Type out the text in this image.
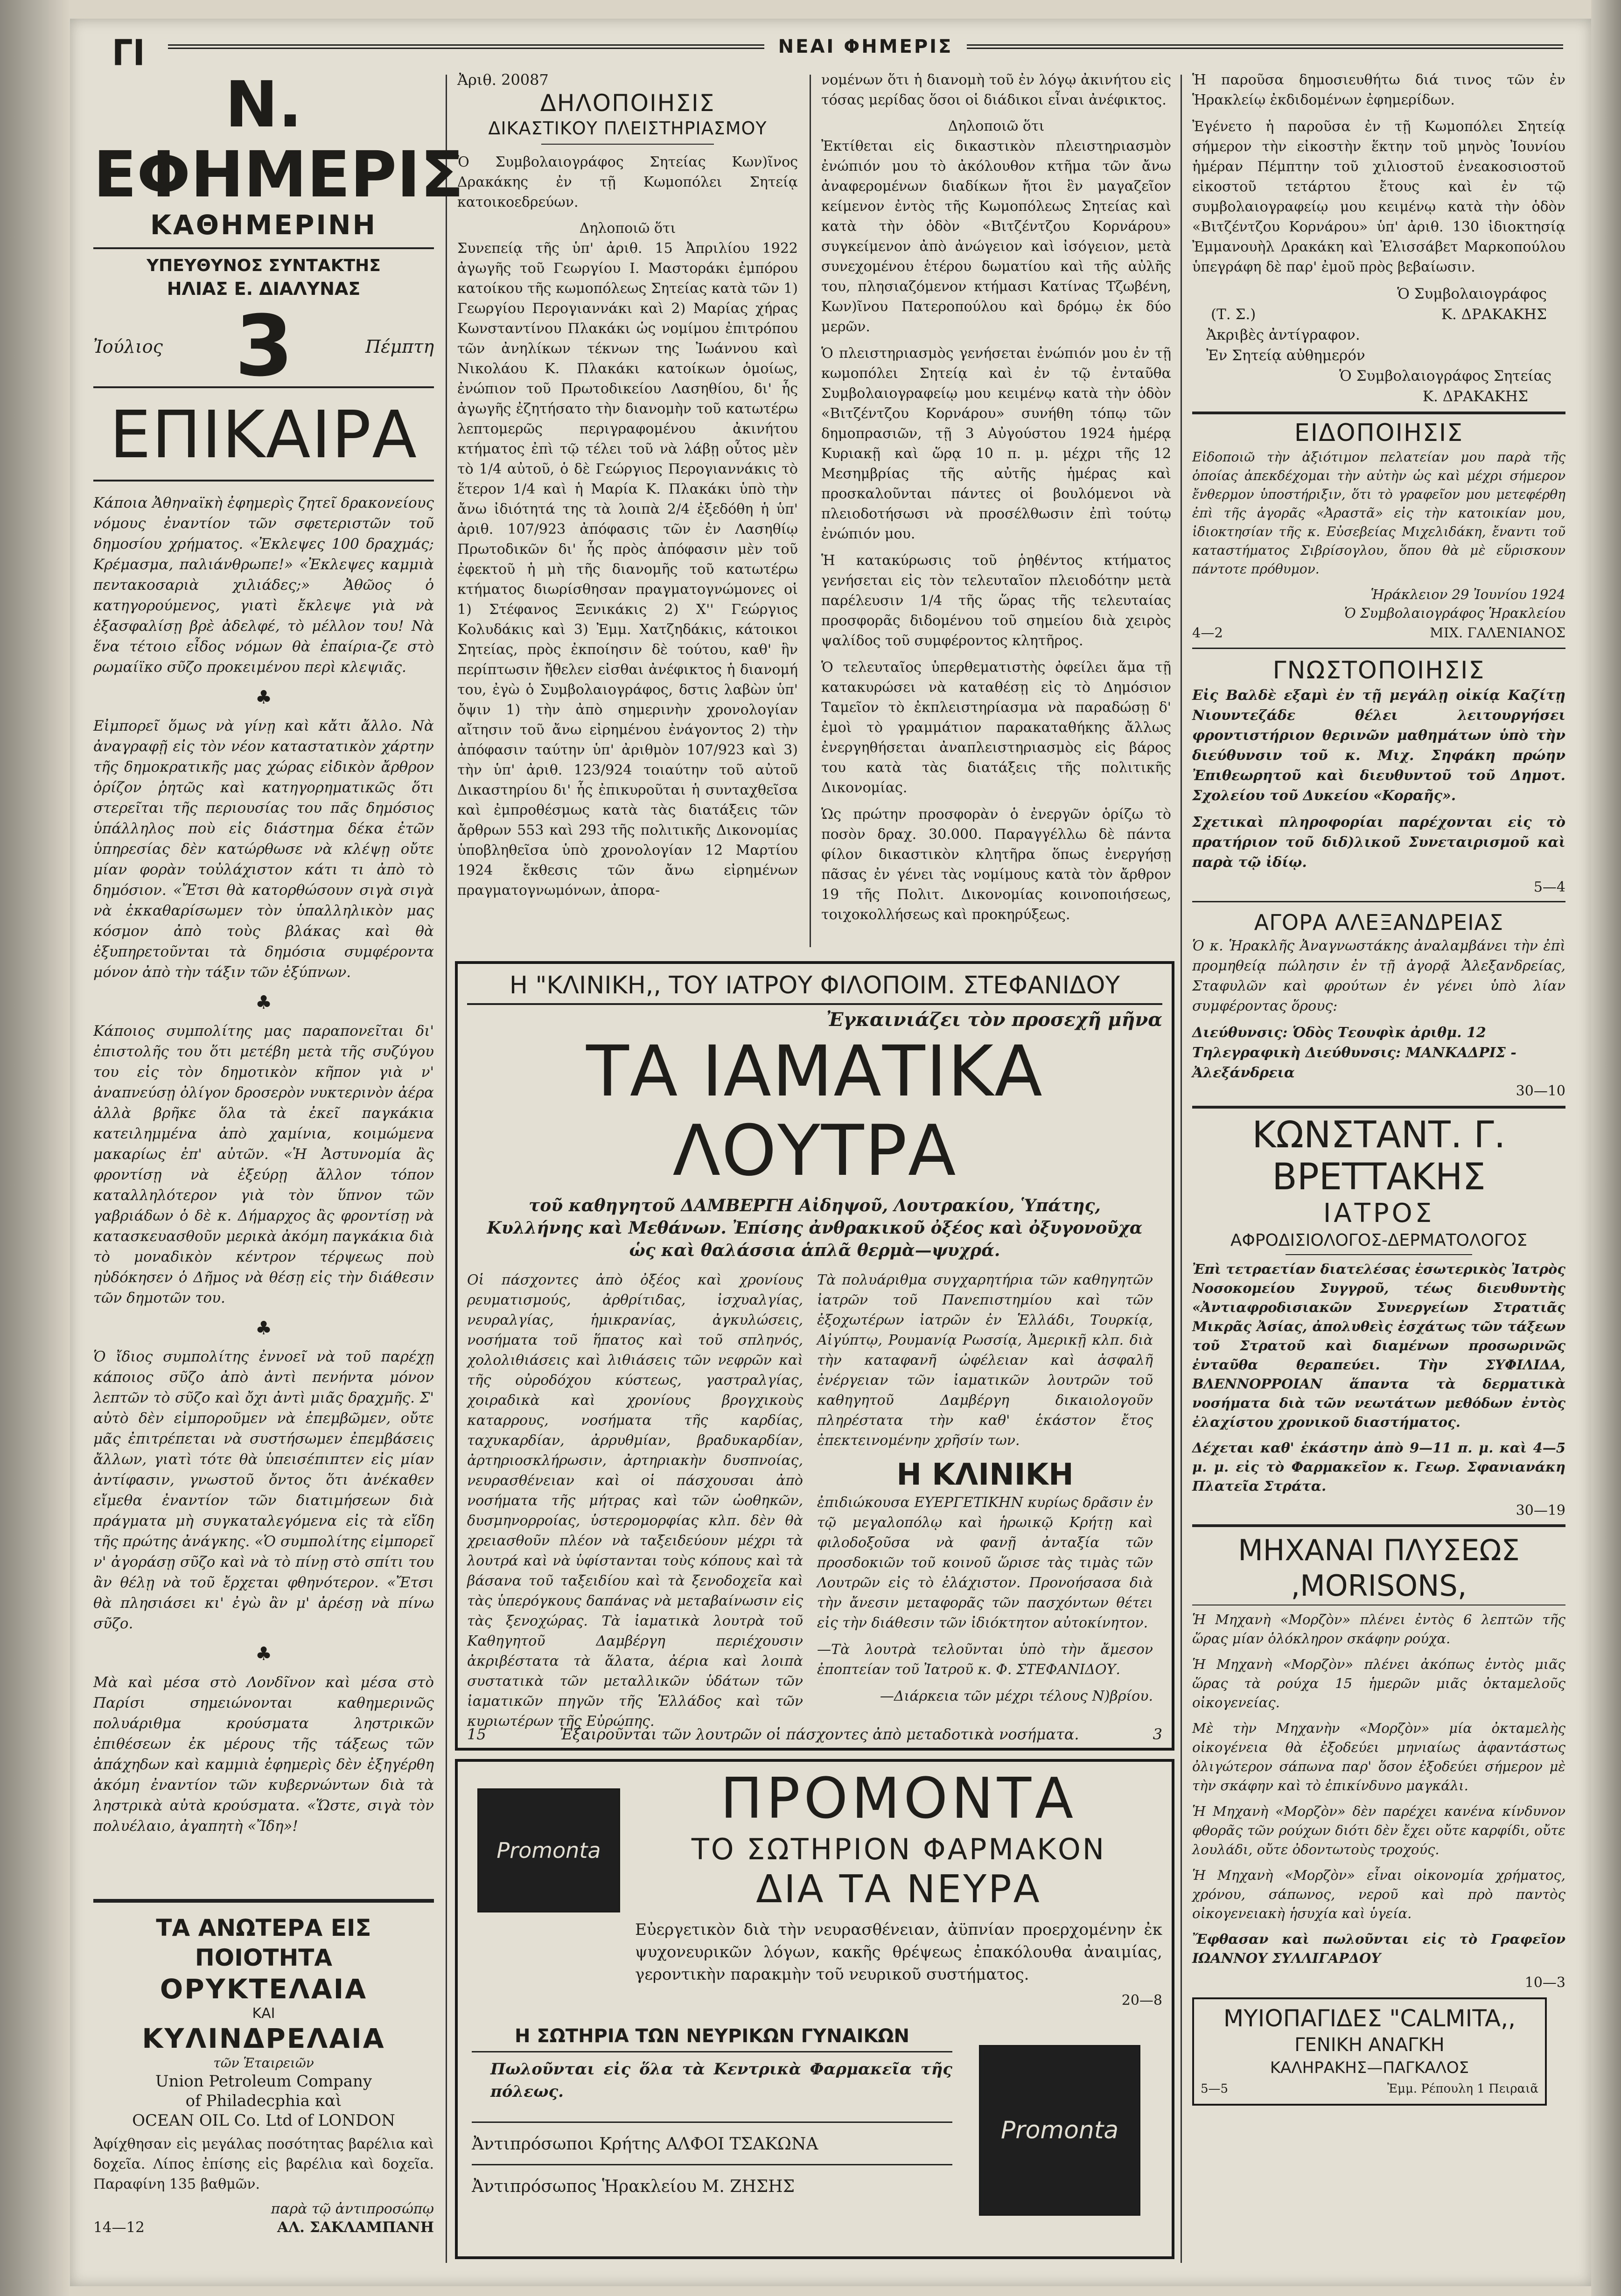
ΓΙ	ΝΕΑΙ ΦΗΜΕΡΙΣ
Ν. ΕΦΗΜΕΡΙΣ
ΚΑΘΗΜΕΡΙΝΗ
ΥΠΕΥΘΥΝΟΣ ΣΥΝΤΑΚΤΗΣ
ΗΛΙΑΣ Ε. ΔΙΑΛΥΝΑΣ
Ἰούλιος 3	Πέμπτη
ΕΠΙΚΑΙΡΑ

Κάποια Ἀθηναϊκὴ ἐφημερὶς ζητεῖ δρακονείους νόμους ἐναντίον τῶν σφετεριστῶν τοῦ δημοσίου χρήματος. «Ἐκλεψες 100 δραχμάς; Κρέμασμα, παλιάνθρωπε!» «Ἐκλεψες καμμιὰ πεντακοσαριὰ χιλιάδες;» Ἀθῶος ὁ κατηγορούμενος, γιατὶ ἔκλεψε γιὰ νὰ ἐξασφαλίσῃ βρὲ ἀδελφέ, τὸ μέλλον του! Νὰ ἕνα τέτοιο εἶδος νόμων θὰ ἐπαίρια-ζε στὸ ρωμαίϊκο σῦζο προκειμένου περὶ κλεψιᾶς.

♣

Εἰμπορεῖ ὅμως νὰ γίνῃ καὶ κἄτι ἄλλο. Νὰ ἀναγραφῇ εἰς τὸν νέον καταστατικὸν χάρτην τῆς δημοκρατικῆς μας χώρας εἰδικὸν ἄρθρον ὁρίζον ῥητῶς καὶ κατηγορηματικῶς ὅτι στερεῖται τῆς περιουσίας του πᾶς δημόσιος ὑπάλληλος ποὺ εἰς διάστημα δέκα ἐτῶν ὑπηρεσίας δὲν κατώρθωσε νὰ κλέψῃ οὔτε μίαν φορὰν τοὐλάχιστον κάτι τι ἀπὸ τὸ δημόσιον. «Ἔτσι θὰ κατορθώσουν σιγὰ σιγὰ νὰ ἐκκαθαρίσωμεν τὸν ὑπαλληλικὸν μας κόσμον ἀπὸ τοὺς βλάκας καὶ θὰ ἐξυπηρετοῦνται τὰ δημόσια συμφέροντα μόνον ἀπὸ τὴν τάξιν τῶν ἐξύπνων.

♣

Κάποιος συμπολίτης μας παραπονεῖται δι' ἐπιστολῆς του ὅτι μετέβη μετὰ τῆς συζύγου του εἰς τὸν δημοτικὸν κῆπον γιὰ ν' ἀναπνεύσῃ ὀλίγον δροσερὸν νυκτερινὸν ἀέρα ἀλλὰ βρῆκε ὅλα τὰ ἐκεῖ παγκάκια κατειλημμένα ἀπὸ χαμίνια, κοιμώμενα μακαρίως ἐπ' αὐτῶν. «Ἡ Ἀστυνομία ἂς φροντίσῃ νὰ ἐξεύρῃ ἄλλον τόπον καταλληλότερον γιὰ τὸν ὕπνον τῶν γαβριάδων ὁ δὲ κ. Δήμαρχος ἂς φροντίσῃ νὰ κατασκευασθοῦν μερικὰ ἀκόμη παγκάκια διὰ τὸ μοναδικὸν κέντρον τέρψεως ποὺ ηὐδόκησεν ὁ Δῆμος νὰ θέσῃ εἰς τὴν διάθεσιν τῶν δημοτῶν του.

♣

Ὁ ἴδιος συμπολίτης ἐννοεῖ νὰ τοῦ παρέχῃ κάποιος σῦζο ἀπὸ ἀντὶ πενήντα μόνον λεπτῶν τὸ σῦζο καὶ ὄχι ἀντὶ μιᾶς δραχμῆς. Σ' αὐτὸ δὲν εἰμποροῦμεν νὰ ἐπεμβῶμεν, οὔτε μᾶς ἐπιτρέπεται νὰ συστήσωμεν ἐπεμβάσεις ἄλλων, γιατὶ τότε θὰ ὑπεισέπιπτεν εἰς μίαν ἀντίφασιν, γνωστοῦ ὄντος ὅτι ἀνέκαθεν εἴμεθα ἐναντίον τῶν διατιμήσεων διὰ πράγματα μὴ συγκαταλεγόμενα εἰς τὰ εἴδη τῆς πρώτης ἀνάγκης. «Ὁ συμπολίτης εἰμπορεῖ ν' ἀγοράσῃ σῦζο καὶ νὰ τὸ πίνῃ στὸ σπίτι του ἂν θέλῃ νὰ τοῦ ἔρχεται φθηνότερον. «Ἔτσι θὰ πλησιάσει κι' ἐγὼ ἂν μ' ἀρέσῃ νὰ πίνω σῦζο.

♣

Μὰ καὶ μέσα στὸ Λονδῖνον καὶ μέσα στὸ Παρίσι σημειώνονται καθημερινῶς πολυάριθμα κρούσματα ληστρικῶν ἐπιθέσεων ἐκ μέρους τῆς τάξεως τῶν ἀπάχηδων καὶ καμμιὰ ἐφημερὶς δὲν ἐξηγέρθη ἀκόμη ἐναντίον τῶν κυβερνώντων διὰ τὰ ληστρικὰ αὐτὰ κρούσματα. «Ὥστε, σιγὰ τὸν πολυέλαιο, ἀγαπητὴ «Ἴδη»!

ΤΑ ΑΝΩΤΕΡΑ ΕΙΣ ΠΟΙΟΤΗΤΑ
ΟΡΥΚΤΕΛΑΙΑ
ΚΑΙ
ΚΥΛΙΝΔΡΕΛΑΙΑ
τῶν Ἑταιρειῶν
Union Petroleum Company
of Philadecphia καὶ
OCEAN OIL Co. Ltd of LONDON

Ἀφίχθησαν εἰς μεγάλας ποσότητας βαρέλια καὶ δοχεῖα. Λίπος ἐπίσης εἰς βαρέλια καὶ δοχεῖα. Παραφίνη 135 βαθμῶν.

παρὰ τῷ ἀντιπροσώπῳ
14—12	ΑΛ. ΣΑΚΛΑΜΠΑΝΗ
Ἀριθ. 20087
ΔΗΛΟΠΟΙΗΣΙΣ
ΔΙΚΑΣΤΙΚΟΥ ΠΛΕΙΣΤΗΡΙΑΣΜΟΥ

Ὁ Συμβολαιογράφος Σητείας Κων)ῖνος Δρακάκης ἐν τῇ Κωμοπόλει Σητείᾳ κατοικοεδρεύων.

Δηλοποιῶ ὅτι

Συνεπείᾳ τῆς ὑπ' ἀριθ. 15 Ἀπριλίου 1922 ἀγωγῆς τοῦ Γεωργίου Ι. Μαστοράκι ἐμπόρου κατοίκου τῆς κωμοπόλεως Σητείας κατὰ τῶν 1) Γεωργίου Περογιαννάκι καὶ 2) Μαρίας χήρας Κωνσταντίνου Πλακάκι ὡς νομίμου ἐπιτρόπου τῶν ἀνηλίκων τέκνων της Ἰωάννου καὶ Νικολάου Κ. Πλακάκι κατοίκων ὁμοίως, ἐνώπιον τοῦ Πρωτοδικείου Λασηθίου, δι' ἧς ἀγωγῆς ἐζητήσατο τὴν διανομὴν τοῦ κατωτέρω λεπτομερῶς περιγραφομένου ἀκινήτου κτήματος ἐπὶ τῷ τέλει τοῦ νὰ λάβῃ οὗτος μὲν τὸ 1/4 αὐτοῦ, ὁ δὲ Γεώργιος Περογιαννάκις τὸ ἕτερον 1/4 καὶ ἡ Μαρία Κ. Πλακάκι ὑπὸ τὴν ἄνω ἰδιότητά της τὰ λοιπὰ 2/4 ἐξεδόθη ἡ ὑπ' ἀριθ. 107/923 ἀπόφασις τῶν ἐν Λασηθίῳ Πρωτοδικῶν δι' ἧς πρὸς ἀπόφασιν μὲν τοῦ ἐφεκτοῦ ἡ μὴ τῆς διανομῆς τοῦ κατωτέρω κτήματος διωρίσθησαν πραγματογνώμονες οἱ 1) Στέφανος Ξενικάκις 2) Χ'' Γεώργιος Κολυδάκις καὶ 3) Ἐμμ. Χατζηδάκις, κάτοικοι Σητείας, πρὸς ἐκποίησιν δὲ τούτου, καθ' ἣν περίπτωσιν ἤθελεν εἰσθαι ἀνέφικτος ἡ διανομή του, ἐγὼ ὁ Συμβολαιογράφος, δστις λαβὼν ὑπ' ὄψιν 1) τὴν ἀπὸ σημερινὴν χρονολογίαν αἴτησιν τοῦ ἄνω εἰρημένου ἐνάγοντος 2) τὴν ἀπόφασιν ταύτην ὑπ' ἀριθμὸν 107/923 καὶ 3) τὴν ὑπ' ἀριθ. 123/924 τοιαύτην τοῦ αὐτοῦ Δικαστηρίου δι' ἧς ἐπικυροῦται ἡ συνταχθεῖσα καὶ ἐμπροθέσμως κατὰ τὰς διατάξεις τῶν ἄρθρων 553 καὶ 293 τῆς πολιτικῆς Δικονομίας ὑποβληθεῖσα ὑπὸ χρονολογίαν 12 Μαρτίου 1924 ἔκθεσις τῶν ἄνω εἰρημένων πραγματογνωμόνων, ἀπορα-

νομένων ὅτι ἡ διανομὴ τοῦ ἐν λόγῳ ἀκινήτου εἰς τόσας μερίδας ὅσοι οἱ διάδικοι εἶναι ἀνέφικτος.

Δηλοποιῶ ὅτι

Ἐκτίθεται εἰς δικαστικὸν πλειστηριασμὸν ἐνώπιόν μου τὸ ἀκόλουθον κτῆμα τῶν ἄνω ἀναφερομένων διαδίκων ἤτοι ἓν μαγαζεῖον κείμενον ἐντὸς τῆς Κωμοπόλεως Σητείας καὶ κατὰ τὴν ὁδὸν «Βιτζέντζου Κορνάρου» συγκείμενον ἀπὸ ἀνώγειον καὶ ἰσόγειον, μετὰ συνεχομένου ἑτέρου δωματίου καὶ τῆς αὐλῆς του, πλησιαζόμενον κτήμασι Κατίνας Τζωβένη, Κων)ῖνου Πατεροπούλου καὶ δρόμῳ ἐκ δύο μερῶν.

Ὁ πλειστηριασμὸς γενήσεται ἐνώπιόν μου ἐν τῇ κωμοπόλει Σητείᾳ καὶ ἐν τῷ ἐνταῦθα Συμβολαιογραφείῳ μου κειμένῳ κατὰ τὴν ὁδὸν «Βιτζέντζου Κορνάρου» συνήθη τόπῳ τῶν δημοπρασιῶν, τῇ 3 Αὐγούστου 1924 ἡμέρᾳ Κυριακῇ καὶ ὥρᾳ 10 π. μ. μέχρι τῆς 12 Μεσημβρίας τῆς αὐτῆς ἡμέρας καὶ προσκαλοῦνται πάντες οἱ βουλόμενοι νὰ πλειοδοτήσωσι νὰ προσέλθωσιν ἐπὶ τούτῳ ἐνώπιόν μου.

Ἡ κατακύρωσις τοῦ ῥηθέντος κτήματος γενήσεται εἰς τὸν τελευταῖον πλειοδότην μετὰ παρέλευσιν 1/4 τῆς ὥρας τῆς τελευταίας προσφορᾶς διδομένου τοῦ σημείου διὰ χειρὸς ψαλίδος τοῦ συμφέροντος κλητῆρος.

Ὁ τελευταῖος ὑπερθεματιστὴς ὀφείλει ἅμα τῇ κατακυρώσει νὰ καταθέσῃ εἰς τὸ Δημόσιον Ταμεῖον τὸ ἐκπλειστηρίασμα νὰ παραδώσῃ δ' ἐμοὶ τὸ γραμμάτιον παρακαταθήκης ἄλλως ἐνεργηθήσεται ἀναπλειστηριασμὸς εἰς βάρος του κατὰ τὰς διατάξεις τῆς πολιτικῆς Δικονομίας.

Ὡς πρώτην προσφορὰν ὁ ἐνεργῶν ὁρίζω τὸ ποσὸν δραχ. 30.000. Παραγγέλλω δὲ πάντα φίλον δικαστικὸν κλητῆρα ὅπως ἐνεργήσῃ πᾶσας ἐν γένει τὰς νομίμους κατὰ τὸν ἄρθρον 19 τῆς Πολιτ. Δικονομίας κοινοποιήσεως, τοιχοκολλήσεως καὶ προκηρύξεως.

Η "ΚΛΙΝΙΚΗ,, ΤΟΥ ΙΑΤΡΟΥ ΦΙΛΟΠΟΙΜ. ΣΤΕΦΑΝΙΔΟΥ
Ἐγκαινιάζει τὸν προσεχῆ μῆνα
ΤΑ ΙΑΜΑΤΙΚΑ ΛΟΥΤΡΑ

τοῦ καθηγητοῦ ΔΑΜΒΕΡΓΗ Αἰδηψοῦ, Λουτρακίου, Ὑπάτης, Κυλλήνης καὶ Μεθάνων. Ἐπίσης ἀνθρακικοῦ ὀξέος καὶ ὀξυγονοῦχα ὡς καὶ θαλάσσια ἁπλᾶ θερμὰ—ψυχρά.

Οἱ πάσχοντες ἀπὸ ὀξέος καὶ χρονίους ρευματισμούς, ἀρθρίτιδας, ἰσχυαλγίας, νευραλγίας, ἡμικρανίας, ἀγκυλώσεις, νοσήματα τοῦ ἥπατος καὶ τοῦ σπληνός, χολολιθιάσεις καὶ λιθιάσεις τῶν νεφρῶν καὶ τῆς οὐροδόχου κύστεως, γαστραλγίας, χοιραδικὰ καὶ χρονίους βρογχικοὺς καταρρους, νοσήματα τῆς καρδίας, ταχυκαρδίαν, ἀρρυθμίαν, βραδυκαρδίαν, ἀρτηριοσκλήρωσιν, ἀρτηριακὴν δυσπνοίας, νευρασθένειαν καὶ οἱ πάσχουσαι ἀπὸ νοσήματα τῆς μήτρας καὶ τῶν ὠοθηκῶν, δυσμηνορροίας, ὑστερομορφίας κλπ. δὲν θὰ χρειασθοῦν πλέον νὰ ταξειδεύουν μέχρι τὰ λουτρά καὶ νὰ ὑφίστανται τοὺς κόπους καὶ τὰ βάσανα τοῦ ταξειδίου καὶ τὰ ξενοδοχεῖα καὶ τὰς ὑπερόγκους δαπάνας νὰ μεταβαίνωσιν εἰς τὰς ξενοχώρας. Τὰ ἰαματικὰ λουτρὰ τοῦ Καθηγητοῦ Δαμβέργη περιέχουσιν ἀκριβέστατα τὰ ἅλατα, ἀέρια καὶ λοιπὰ συστατικὰ τῶν μεταλλικῶν ὑδάτων τῶν ἰαματικῶν πηγῶν τῆς Ἑλλάδος καὶ τῶν κυριωτέρων τῆς Εὐρώπης.

Τὰ πολυάριθμα συγχαρητήρια τῶν καθηγητῶν ἰατρῶν τοῦ Πανεπιστημίου καὶ τῶν ἐξοχωτέρων ἰατρῶν ἐν Ἑλλάδι, Τουρκίᾳ, Αἰγύπτῳ, Ρουμανίᾳ Ρωσσίᾳ, Ἀμερικῇ κλπ. διὰ τὴν καταφανῆ ὠφέλειαν καὶ ἀσφαλῆ ἐνέργειαν τῶν ἰαματικῶν λουτρῶν τοῦ καθηγητοῦ Δαμβέργη δικαιολογοῦν πληρέστατα τὴν καθ' ἑκάστον ἔτος ἐπεκτεινομένην χρῆσίν των.

Η ΚΛΙΝΙΚΗ

ἐπιδιώκουσα ΕΥΕΡΓΕΤΙΚΗΝ κυρίως δρᾶσιν ἐν τῷ μεγαλοπόλῳ καὶ ἡρωικῷ Κρήτῃ καὶ φιλοδοξοῦσα νὰ φανῇ ἀνταξία τῶν προσδοκιῶν τοῦ κοινοῦ ὥρισε τὰς τιμὰς τῶν Λουτρῶν εἰς τὸ ἐλάχιστον. Προνοήσασα διὰ τὴν ἄνεσιν μεταφορᾶς τῶν πασχόντων θέτει εἰς τὴν διάθεσιν τῶν ἰδιόκτητον αὐτοκίνητον.

—Τὰ λουτρὰ τελοῦνται ὑπὸ τὴν ἄμεσον ἐποπτείαν τοῦ Ἰατροῦ κ. Φ. ΣΤΕΦΑΝΙΔΟΥ.

—Διάρκεια τῶν μέχρι τέλους Ν)βρίου.

15	Ἐξαιροῦνται τῶν λουτρῶν οἱ πάσχοντες ἀπὸ μεταδοτικὰ νοσήματα.	3
Promonta
ΠΡΟΜΟΝΤΑ
ΤΟ ΣΩΤΗΡΙΟΝ ΦΑΡΜΑΚΟΝ
ΔΙΑ ΤΑ ΝΕΥΡΑ

Εὐεργετικὸν διὰ τὴν νευρασθένειαν, ἀϋπνίαν προερχομένην ἐκ ψυχονευρικῶν λόγων, κακῆς θρέψεως ἐπακόλουθα ἀναιμίας, γεροντικὴν παρακμὴν τοῦ νευρικοῦ συστήματος.

20—8
Η ΣΩΤΗΡΙΑ ΤΩΝ ΝΕΥΡΙΚΩΝ ΓΥΝΑΙΚΩΝ

Πωλοῦνται εἰς ὅλα τὰ Κεντρικὰ Φαρμακεῖα τῆς πόλεως.

Ἀντιπρόσωποι Κρήτης ΑΛΦΟΙ ΤΣΑΚΩΝΑ
Ἀντιπρόσωπος Ἡρακλείου Μ. ΖΗΣΗΣ
Promonta

Ἡ παροῦσα δημοσιευθήτω διά τινος τῶν ἐν Ἡρακλείῳ ἐκδιδομένων ἐφημερίδων.

Ἐγένετο ἡ παροῦσα ἐν τῇ Κωμοπόλει Σητείᾳ σήμερον τὴν εἰκοστὴν ἕκτην τοῦ μηνὸς Ἰουνίου ἡμέραν Πέμπτην τοῦ χιλιοστοῦ ἐνεακοσιοστοῦ εἰκοστοῦ τετάρτου ἔτους καὶ ἐν τῷ συμβολαιογραφείῳ μου κειμένῳ κατὰ τὴν ὁδὸν «Βιτζέντζου Κορνάρου» ὑπ' ἀριθ. 130 ἰδιοκτησίᾳ Ἐμμανουὴλ Δρακάκη καὶ Ἐλισσάβετ Μαρκοπούλου ὑπεγράφη δὲ παρ' ἐμοῦ πρὸς βεβαίωσιν.

Ὁ Συμβολαιογράφος
(Τ. Σ.)	Κ. ΔΡΑΚΑΚΗΣ
Ἀκριβὲς ἀντίγραφον.
Ἐν Σητείᾳ αὐθημερόν
Ὁ Συμβολαιογράφος Σητείας
Κ. ΔΡΑΚΑΚΗΣ
ΕΙΔΟΠΟΙΗΣΙΣ

Εἰδοποιῶ τὴν ἀξιότιμον πελατείαν μου παρὰ τῆς ὁποίας ἀπεκδέχομαι τὴν αὐτὴν ὡς καὶ μέχρι σήμερον ἔνθερμον ὑποστήριξιν, ὅτι τὸ γραφεῖον μου μετεφέρθη ἐπὶ τῆς ἀγορᾶς «Ἀραστᾶ» εἰς τὴν κατοικίαν μου, ἰδιοκτησίαν τῆς κ. Εὐσεβείας Μιχελιδάκη, ἔναντι τοῦ καταστήματος Σιβρίσογλου, ὅπου θὰ μὲ εὕρισκουν πάντοτε πρόθυμον.

Ἡράκλειον 29 Ἰουνίου 1924
Ὁ Συμβολαιογράφος Ἡρακλείου
4—2	ΜΙΧ. ΓΑΛΕΝΙΑΝΟΣ
ΓΝΩΣΤΟΠΟΙΗΣΙΣ

Εἰς Βαλδὲ εξαμὶ ἐν τῇ μεγάλῃ οἰκίᾳ Καζίτῃ Νιουντεζάδε θέλει λειτουργήσει φροντιστήριον θερινῶν μαθημάτων ὑπὸ τὴν διεύθυνσιν τοῦ κ. Μιχ. Σηφάκη πρώην Ἐπιθεωρητοῦ καὶ διευθυντοῦ τοῦ Δημοτ. Σχολείου τοῦ Δυκείου «Κοραῆς».

Σχετικαὶ πληροφορίαι παρέχονται εἰς τὸ πρατήριον τοῦ διδ)λικοῦ Συνεταιρισμοῦ καὶ παρὰ τῷ ἰδίῳ.

5—4
ΑΓΟΡΑ ΑΛΕΞΑΝΔΡΕΙΑΣ

Ὁ κ. Ἡρακλῆς Ἀναγνωστάκης ἀναλαμβάνει τὴν ἐπὶ προμηθείᾳ πώλησιν ἐν τῇ ἀγορᾷ Ἀλεξανδρείας, Σταφυλῶν καὶ φρούτων ἐν γένει ὑπὸ λίαν συμφέροντας ὅρους:

Διεύθυνσις: Ὁδὸς Τεουφὶκ ἀριθμ. 12
Τηλεγραφικὴ Διεύθυνσις: ΜΑΝΚΑΔΡΙΣ - Ἀλεξάνδρεια
30—10
ΚΩΝΣΤΑΝΤ. Γ. ΒΡΕΤΤΑΚΗΣ
ΙΑΤΡΟΣ
ΑΦΡΟΔΙΣΙΟΛΟΓΟΣ-ΔΕΡΜΑΤΟΛΟΓΟΣ

Ἐπὶ τετραετίαν διατελέσας ἐσωτερικὸς Ἰατρὸς Νοσοκομείου Συγγροῦ, τέως διευθυντὴς «Ἀντιαφροδισιακῶν Συνεργείων Στρατιᾶς Μικρᾶς Ἀσίας, ἀπολυθεὶς ἐσχάτως τῶν τάξεων τοῦ Στρατοῦ καὶ διαμένων προσωρινῶς ἐνταῦθα θεραπεύει. Τὴν ΣΥΦΙΛΙΔΑ, ΒΛΕΝΝΟΡΡΟΙΑΝ ἅπαντα τὰ δερματικὰ νοσήματα διὰ τῶν νεωτάτων μεθόδων ἐντὸς ἐλαχίστου χρονικοῦ διαστήματος.

Δέχεται καθ' ἑκάστην ἀπὸ 9—11 π. μ. καὶ 4—5 μ. μ. εἰς τὸ Φαρμακεῖον κ. Γεωρ. Σφανιανάκη Πλατεῖα Στράτα.

30—19
ΜΗΧΑΝΑΙ ΠΛΥΣΕΩΣ ,MORISONS,

Ἡ Μηχανὴ «Μορζὸν» πλένει ἐντὸς 6 λεπτῶν τῆς ὥρας μίαν ὁλόκληρον σκάφην ρούχα.

Ἡ Μηχανὴ «Μορζὸν» πλένει ἀκόπως ἐντὸς μιᾶς ὥρας τὰ ρούχα 15 ἡμερῶν μιᾶς ὀκταμελοῦς οἰκογενείας.

Μὲ τὴν Μηχανὴν «Μορζὸν» μία ὀκταμελὴς οἰκογένεια θὰ ἐξοδεύει μηνιαίως ἀφαντάστως ὀλιγώτερον σάπωνα παρ' ὅσον ἐξοδεύει σήμερον μὲ τὴν σκάφην καὶ τὸ ἐπικίνδυνο μαγκάλι.

Ἡ Μηχανὴ «Μορζὸν» δὲν παρέχει κανένα κίνδυνον φθορᾶς τῶν ρούχων διότι δὲν ἔχει οὔτε καρφίδι, οὔτε λουλάδι, οὔτε ὀδοντωτοὺς τροχούς.

Ἡ Μηχανὴ «Μορζὸν» εἶναι οἰκονομία χρήματος, χρόνου, σάπωνος, νεροῦ καὶ πρὸ παντὸς οἰκογενειακὴ ἡσυχία καὶ ὑγεία.

Ἔφθασαν καὶ πωλοῦνται εἰς τὸ Γραφεῖον ΙΩΑΝΝΟΥ ΣΥΛΛΙΓΑΡΔΟΥ

10—3
ΜΥΙΟΠΑΓΙΔΕΣ "CALMITA,,
ΓΕΝΙΚΗ ΑΝΑΓΚΗ
ΚΑΛΗΡΑΚΗΣ—ΠΑΓΚΑΛΟΣ
5—5	Ἐμμ. Ρέπουλη 1 Πειραιᾶ
